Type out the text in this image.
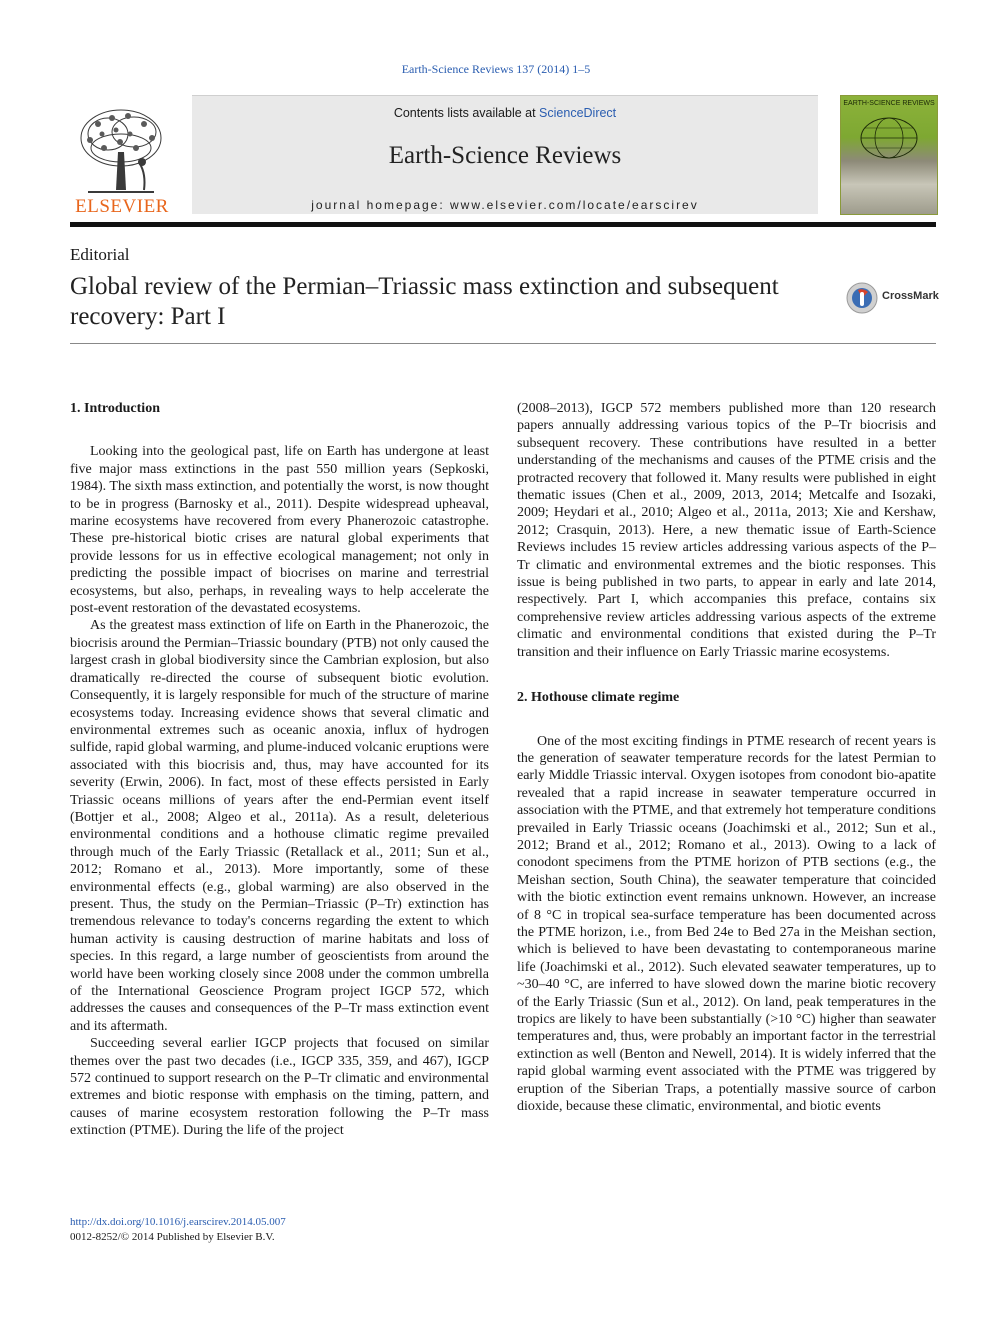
Earth-Science Reviews 137 (2014) 1–5
ELSEVIER
Contents lists available at ScienceDirect
Earth-Science Reviews
journal homepage: www.elsevier.com/locate/earscirev
EARTH-SCIENCE REVIEWS
Editorial
Global review of the Permian–Triassic mass extinction and subsequent recovery: Part I
CrossMark
1. Introduction

Looking into the geological past, life on Earth has undergone at least five major mass extinctions in the past 550 million years (Sepkoski, 1984). The sixth mass extinction, and potentially the worst, is now thought to be in progress (Barnosky et al., 2011). Despite widespread upheaval, marine ecosystems have recovered from every Phanerozoic catastrophe. These pre-historical biotic crises are natural global experiments that provide lessons for us in effective ecological management; not only in predicting the possible impact of biocrises on marine and terrestrial ecosystems, but also, perhaps, in revealing ways to help accelerate the post-event restoration of the devastated ecosystems.

As the greatest mass extinction of life on Earth in the Phanerozoic, the biocrisis around the Permian–Triassic boundary (PTB) not only caused the largest crash in global biodiversity since the Cambrian explosion, but also dramatically re-directed the course of subsequent biotic evolution. Consequently, it is largely responsible for much of the structure of marine ecosystems today. Increasing evidence shows that several climatic and environmental extremes such as oceanic anoxia, influx of hydrogen sulfide, rapid global warming, and plume-induced volcanic eruptions were associated with this biocrisis and, thus, may have accounted for its severity (Erwin, 2006). In fact, most of these effects persisted in Early Triassic oceans millions of years after the end-Permian event itself (Bottjer et al., 2008; Algeo et al., 2011a). As a result, deleterious environmental conditions and a hothouse climatic regime prevailed through much of the Early Triassic (Retallack et al., 2011; Sun et al., 2012; Romano et al., 2013). More importantly, some of these environmental effects (e.g., global warming) are also observed in the present. Thus, the study on the Permian–Triassic (P–Tr) extinction has tremendous relevance to today's concerns regarding the extent to which human activity is causing destruction of marine habitats and loss of species. In this regard, a large number of geoscientists from around the world have been working closely since 2008 under the common umbrella of the International Geoscience Program project IGCP 572, which addresses the causes and consequences of the P–Tr mass extinction event and its aftermath.

Succeeding several earlier IGCP projects that focused on similar themes over the past two decades (i.e., IGCP 335, 359, and 467), IGCP 572 continued to support research on the P–Tr climatic and environmental extremes and biotic response with emphasis on the timing, pattern, and causes of marine ecosystem restoration following the P–Tr mass extinction (PTME). During the life of the project

(2008–2013), IGCP 572 members published more than 120 research papers annually addressing various topics of the P–Tr biocrisis and subsequent recovery. These contributions have resulted in a better understanding of the mechanisms and causes of the PTME crisis and the protracted recovery that followed it. Many results were published in eight thematic issues (Chen et al., 2009, 2013, 2014; Metcalfe and Isozaki, 2009; Heydari et al., 2010; Algeo et al., 2011a, 2013; Xie and Kershaw, 2012; Crasquin, 2013). Here, a new thematic issue of Earth-Science Reviews includes 15 review articles addressing various aspects of the P–Tr climatic and environmental extremes and the biotic responses. This issue is being published in two parts, to appear in early and late 2014, respectively. Part I, which accompanies this preface, contains six comprehensive review articles addressing various aspects of the extreme climatic and environmental conditions that existed during the P–Tr transition and their influence on Early Triassic marine ecosystems.

2. Hothouse climate regime

One of the most exciting findings in PTME research of recent years is the generation of seawater temperature records for the latest Permian to early Middle Triassic interval. Oxygen isotopes from conodont bio-apatite revealed that a rapid increase in seawater temperature occurred in association with the PTME, and that extremely hot temperature conditions prevailed in Early Triassic oceans (Joachimski et al., 2012; Sun et al., 2012; Brand et al., 2012; Romano et al., 2013). Owing to a lack of conodont specimens from the PTME horizon of PTB sections (e.g., the Meishan section, South China), the seawater temperature that coincided with the biotic extinction event remains unknown. However, an increase of 8 °C in tropical sea-surface temperature has been documented across the PTME horizon, i.e., from Bed 24e to Bed 27a in the Meishan section, which is believed to have been devastating to contemporaneous marine life (Joachimski et al., 2012). Such elevated seawater temperatures, up to ~30–40 °C, are inferred to have slowed down the marine biotic recovery of the Early Triassic (Sun et al., 2012). On land, peak temperatures in the tropics are likely to have been substantially (>10 °C) higher than seawater temperatures and, thus, were probably an important factor in the terrestrial extinction as well (Benton and Newell, 2014). It is widely inferred that the rapid global warming event associated with the PTME was triggered by eruption of the Siberian Traps, a potentially massive source of carbon dioxide, because these climatic, environmental, and biotic events

http://dx.doi.org/10.1016/j.earscirev.2014.05.007
0012-8252/© 2014 Published by Elsevier B.V.
